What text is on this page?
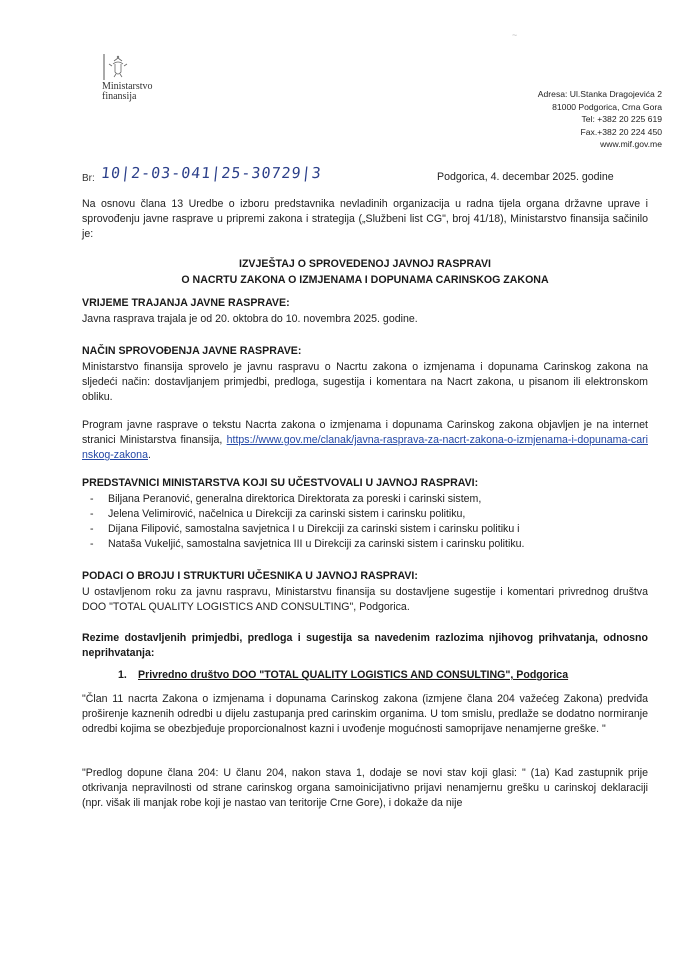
~
Ministarstvo
finansija	Adresa: Ul.Stanka Dragojevića 2
81000 Podgorica, Crna Gora
Tel: +382 20 225 619
Fax.+382 20 224 450
www.mif.gov.me
Br: 10|2-03-041|25-30729|3	Podgorica, 4. decembar 2025. godine
Na osnovu člana 13 Uredbe o izboru predstavnika nevladinih organizacija u radna tijela organa državne uprave i sprovođenju javne rasprave u pripremi zakona i strategija („Službeni list CG", broj 41/18), Ministarstvo finansija sačinilo je:
IZVJEŠTAJ O SPROVEDENOJ JAVNOJ RASPRAVI
O NACRTU ZAKONA O IZMJENAMA I DOPUNAMA CARINSKOG ZAKONA
VRIJEME TRAJANJA JAVNE RASPRAVE:
Javna rasprava trajala je od 20. oktobra do 10. novembra 2025. godine.
NAČIN SPROVOĐENJA JAVNE RASPRAVE:
Ministarstvo finansija sprovelo je javnu raspravu o Nacrtu zakona o izmjenama i dopunama Carinskog zakona na sljedeći način: dostavljanjem primjedbi, predloga, sugestija i komentara na Nacrt zakona, u pisanom ili elektronskom obliku.
Program javne rasprave o tekstu Nacrta zakona o izmjenama i dopunama Carinskog zakona objavljen je na internet stranici Ministarstva finansija, https://www.gov.me/clanak/javna-rasprava-za-nacrt-zakona-o-izmjenama-i-dopunama-carinskog-zakona.
PREDSTAVNICI MINISTARSTVA KOJI SU UČESTVOVALI U JAVNOJ RASPRAVI:
- Biljana Peranović, generalna direktorica Direktorata za poreski i carinski sistem,
- Jelena Velimirović, načelnica u Direkciji za carinski sistem i carinsku politiku,
- Dijana Filipović, samostalna savjetnica I u Direkciji za carinski sistem i carinsku politiku i
- Nataša Vukeljić, samostalna savjetnica III u Direkciji za carinski sistem i carinsku politiku.
PODACI O BROJU I STRUKTURI UČESNIKA U JAVNOJ RASPRAVI:
U ostavljenom roku za javnu raspravu, Ministarstvu finansija su dostavljene sugestije i komentari privrednog društva DOO "TOTAL QUALITY LOGISTICS AND CONSULTING", Podgorica.
Rezime dostavljenih primjedbi, predloga i sugestija sa navedenim razlozima njihovog prihvatanja, odnosno neprihvatanja:
1. Privredno društvo DOO "TOTAL QUALITY LOGISTICS AND CONSULTING", Podgorica
"Član 11 nacrta Zakona o izmjenama i dopunama Carinskog zakona (izmjene člana 204 važećeg Zakona) predviđa proširenje kaznenih odredbi u dijelu zastupanja pred carinskim organima. U tom smislu, predlaže se dodatno normiranje odredbi kojima se obezbjeđuje proporcionalnost kazni i uvođenje mogućnosti samoprijave nenamjerne greške. "
"Predlog dopune člana 204: U članu 204, nakon stava 1, dodaje se novi stav koji glasi: " (1a) Kad zastupnik prije otkrivanja nepravilnosti od strane carinskog organa samoinicijativno prijavi nenamjernu grešku u carinskoj deklaraciji (npr. višak ili manjak robe koji je nastao van teritorije Crne Gore), i dokaže da nije
